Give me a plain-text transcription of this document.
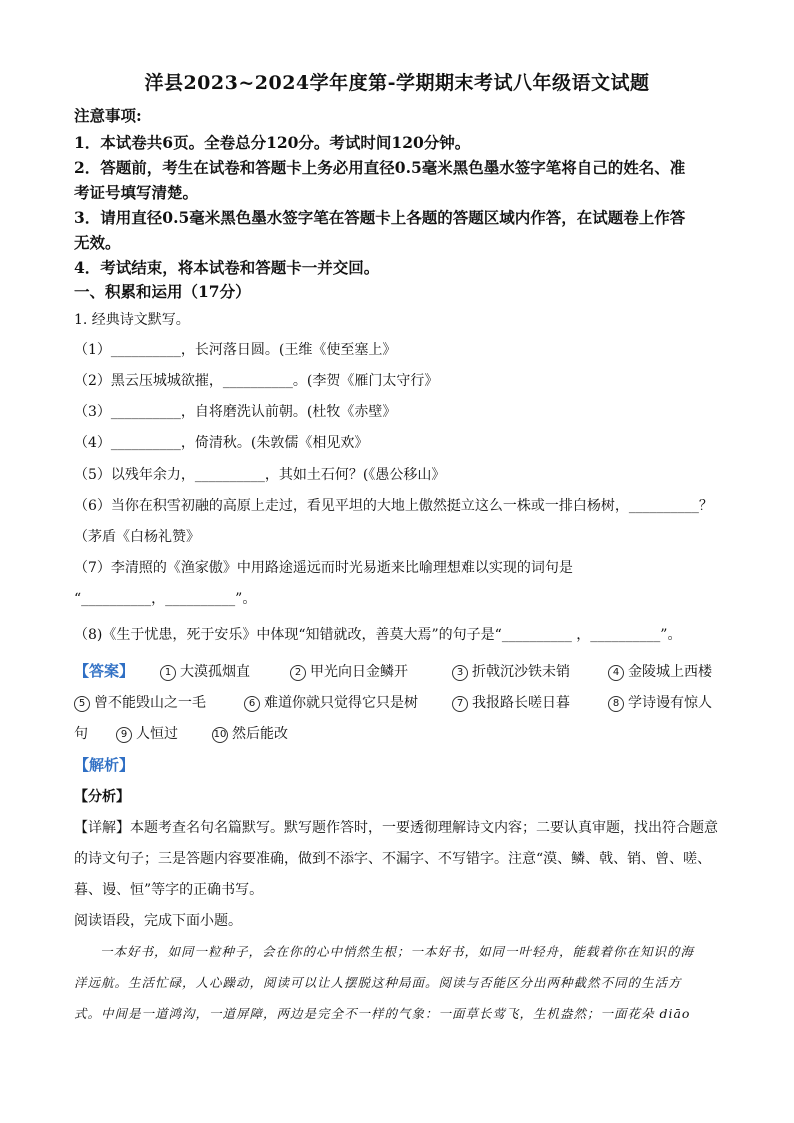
洋县2023~2024学年度第-学期期末考试八年级语文试题
注意事项:
1．本试卷共6页。全卷总分120分。考试时间120分钟。
2．答题前，考生在试卷和答题卡上务必用直径0.5毫米黑色墨水签字笔将自己的姓名、准
考证号填写清楚。
3．请用直径0.5毫米黑色墨水签字笔在答题卡上各题的答题区域内作答，在试题卷上作答
无效。
4．考试结束，将本试卷和答题卡一并交回。
一、积累和运用（17分）
1. 经典诗文默写。
（1）__________，长河落日圆。(王维《使至塞上》
（2）黑云压城城欲摧，__________。(李贺《雁门太守行》
（3）__________，自将磨洗认前朝。(杜牧《赤壁》
（4）__________，倚清秋。(朱敦儒《相见欢》
（5）以残年余力，__________，其如土石何？(《愚公移山》
（6）当你在积雪初融的高原上走过，看见平坦的大地上傲然挺立这么一株或一排白杨树，__________？
（茅盾《白杨礼赞》
（7）李清照的《渔家傲》中用路途遥远而时光易逝来比喻理想难以实现的词句是
“__________，__________”。
（8)《生于忧患，死于安乐》中体现“知错就改，善莫大焉”的句子是“__________ ，__________”。
【答案】	1 大漠孤烟直	2 甲光向日金鳞开	3 折戟沉沙铁未销	4 金陵城上西楼
5 曾不能毁山之一毛	6 难道你就只觉得它只是树	7 我报路长嗟日暮	8 学诗谩有惊人
句	9 人恒过	10 然后能改
【解析】
【分析】
【详解】本题考查名句名篇默写。默写题作答时，一要透彻理解诗文内容；二要认真审题，找出符合题意
的诗文句子；三是答题内容要准确，做到不添字、不漏字、不写错字。注意“漠、鳞、戟、销、曾、嗟、
暮、谩、恒”等字的正确书写。
阅读语段，完成下面小题。
一本好书，如同一粒种子，会在你的心中悄然生根；一本好书，如同一叶轻舟，能载着你在知识的海
洋远航。生活忙碌，人心躁动，阅读可以让人摆脱这种局面。阅读与否能区分出两种截然不同的生活方
式。中间是一道鸿沟，一道屏障，两边是完全不一样的气象：一面草长莺飞，生机盎然；一面花朵 diāo
